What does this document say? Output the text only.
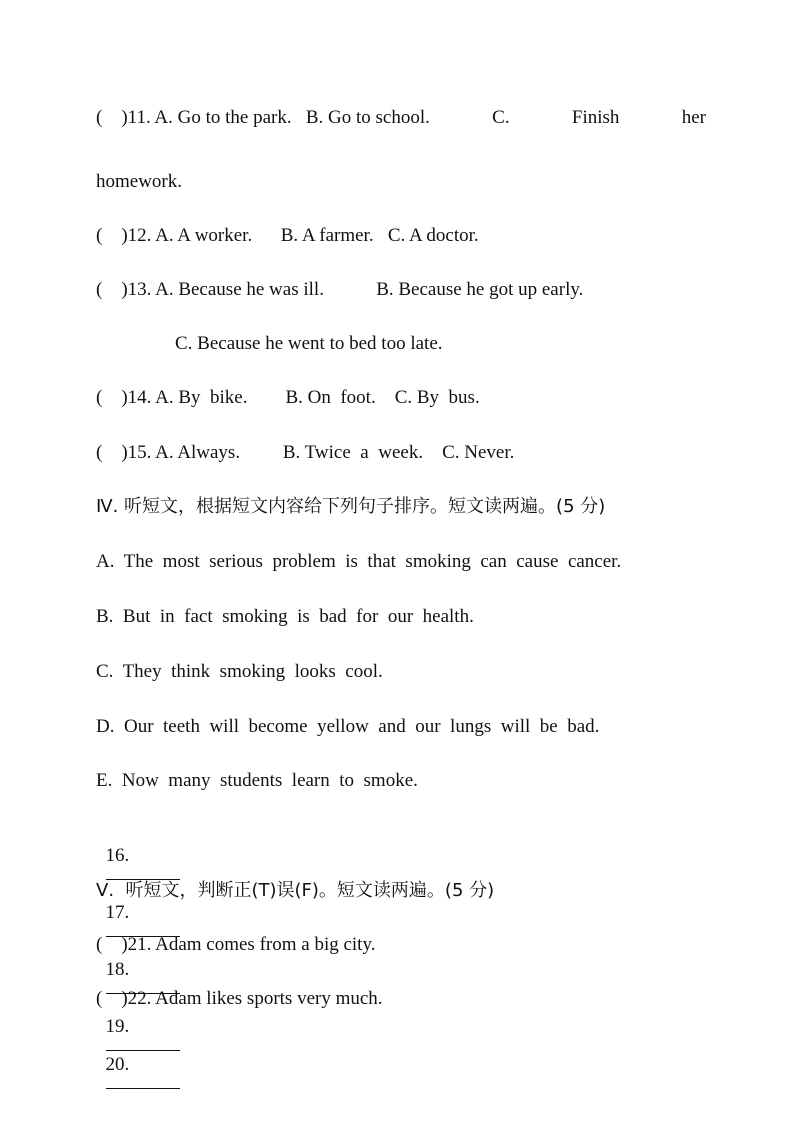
(    )11. A. Go to the park.   B. Go to school.	C.	Finish	her
homework.
(    )12. A. A worker.      B. A farmer.   C. A doctor.
(    )13. A. Because he was ill.           B. Because he got up early.
C. Because he went to bed too late.
(    )14. A. By  bike.        B. On  foot.    C. By  bus.
(    )15. A. Always.         B. Twice  a  week.    C. Never.
Ⅳ. 听短文，根据短文内容给下列句子排序。短文读两遍。(5 分)
A.  The  most  serious  problem  is  that  smoking  can  cause  cancer.
B.  But  in  fact  smoking  is  bad  for  our  health.
C.  They  think  smoking  looks  cool.
D.  Our  teeth  will  become  yellow  and  our  lungs  will  be  bad.
E.  Now  many  students  learn  to  smoke.

16.

17.

18.

19.

20.

Ⅴ.  听短文，判断正(T)误(F)。短文读两遍。(5 分)
(    )21. Adam comes from a big city.
(    )22. Adam likes sports very much.
